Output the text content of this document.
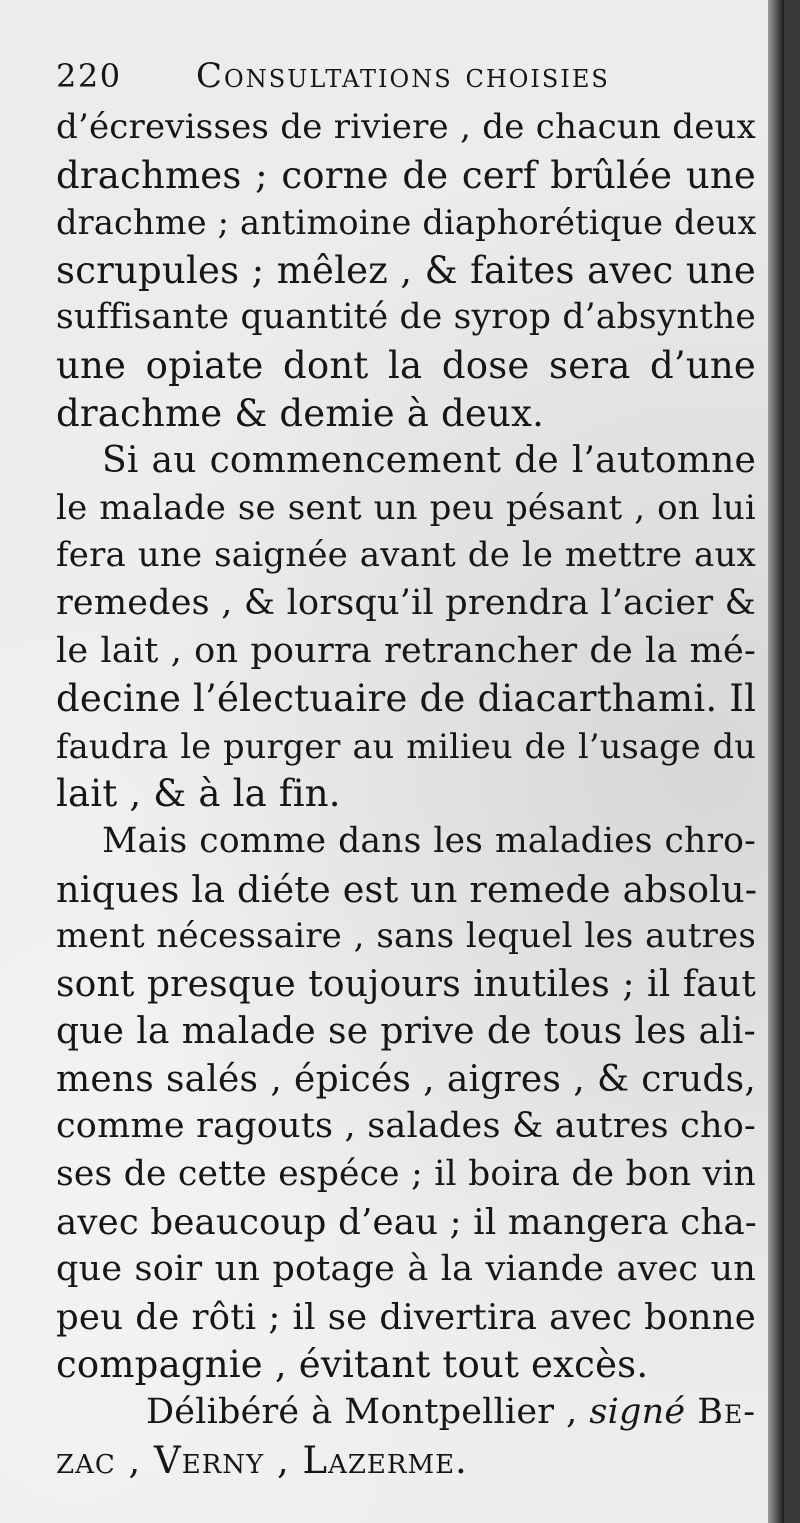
220 Consultations choisies
d’écrevisses de riviere , de chacun deux
drachmes ; corne de cerf brûlée une
drachme ; antimoine diaphorétique deux
scrupules ; mêlez , & faites avec une
suffisante quantité de syrop d’absynthe
une opiate dont la dose sera d’une
drachme & demie à deux.
Si au commencement de l’automne
le malade se sent un peu pésant , on lui
fera une saignée avant de le mettre aux
remedes , & lorsqu’il prendra l’acier &
le lait , on pourra retrancher de la mé-
decine l’électuaire de diacarthami. Il
faudra le purger au milieu de l’usage du
lait , & à la fin.
Mais comme dans les maladies chro-
niques la diéte est un remede absolu-
ment nécessaire , sans lequel les autres
sont presque toujours inutiles ; il faut
que la malade se prive de tous les ali-
mens salés , épicés , aigres , & cruds,
comme ragouts , salades & autres cho-
ses de cette espéce ; il boira de bon vin
avec beaucoup d’eau ; il mangera cha-
que soir un potage à la viande avec un
peu de rôti ; il se divertira avec bonne
compagnie , évitant tout excès.
Délibéré à Montpellier , signé Be-
zac , Verny , Lazerme.
